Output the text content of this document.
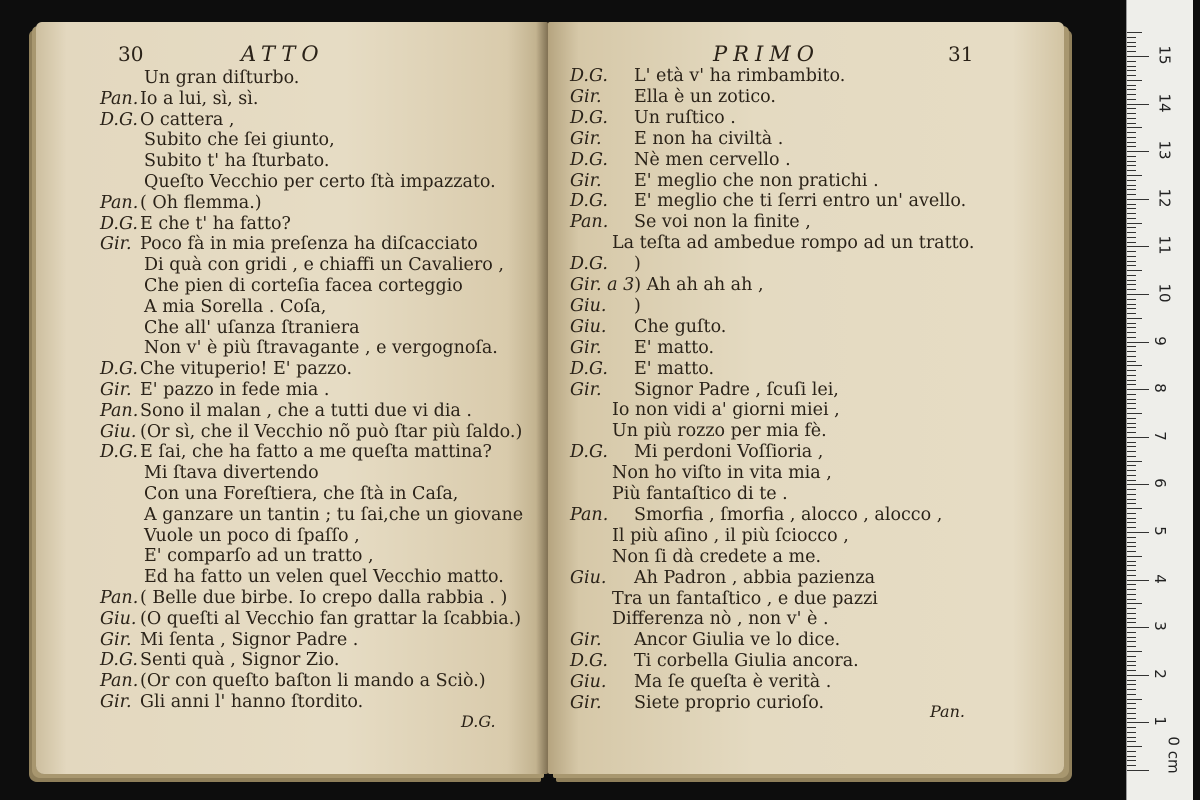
30	ATTO
Un gran diſturbo.
Pan.Io a lui, sì, sì.
D.G. O cattera ,
Subito che ſei giunto,
Subito t' ha ſturbato.
Queſto Vecchio per certo ſtà impazzato.
Pan.( Oh flemma.)
D.G. E che t' ha fatto?
Gir. Poco fà in mia preſenza ha diſcacciato
Di quà con gridi , e chiaffi un Cavaliero ,
Che pien di corteſia facea corteggio
A mia Sorella . Coſa,
Che all' uſanza ſtraniera
Non v' è più ſtravagante , e vergognoſa.
D.G. Che vituperio! E' pazzo.
Gir. E' pazzo in fede mia .
Pan.Sono il malan , che a tutti due vi dia .
Giu. (Or sì, che il Vecchio nõ può ſtar più ſaldo.)
D.G. E ſai, che ha fatto a me queſta mattina?
Mi ſtava divertendo
Con una Foreſtiera, che ſtà in Caſa,
A ganzare un tantin ; tu ſai,che un giovane
Vuole un poco di ſpaſſo ,
E' comparſo ad un tratto ,
Ed ha fatto un velen quel Vecchio matto.
Pan.( Belle due birbe. Io crepo dalla rabbia . )
Giu. (O queſti al Vecchio fan grattar la ſcabbia.)
Gir. Mi ſenta , Signor Padre .
D.G. Senti quà , Signor Zio.
Pan.(Or con queſto baſton li mando a Sciò.)
Gir. Gli anni l' hanno ſtordito.
D.G.
PRIMO	31
D.G. L' età v' ha rimbambito.
Gir. Ella è un zotico.
D.G. Un ruſtico .
Gir. E non ha civiltà .
D.G. Nè men cervello .
Gir. E' meglio che non pratichi .
D.G. E' meglio che ti ſerri entro un' avello.
Pan. Se voi non la finite ,
La teſta ad ambedue rompo ad un tratto.
D.G. )
Gir. a 3) Ah ah ah ah ,
Giu. )
Giu. Che guſto.
Gir. E' matto.
D.G. E' matto.
Gir. Signor Padre , ſcuſi lei,
Io non vidi a' giorni miei ,
Un più rozzo per mia fè.
D.G. Mi perdoni Voſſioria ,
Non ho viſto in vita mia ,
Più fantaſtico di te .
Pan. Smorfia , ſmorfia , alocco , alocco ,
Il più aſino , il più ſciocco ,
Non ſi dà credete a me.
Giu. Ah Padron , abbia pazienza
Tra un fantaſtico , e due pazzi
Differenza nò , non v' è .
Gir. Ancor Giulia ve lo dice.
D.G. Ti corbella Giulia ancora.
Giu. Ma ſe queſta è verità .
Gir. Siete proprio curioſo.	Pan.
0 cm
1
2
3
4
5
6
7
8
9
10
11
12
13
14
15
